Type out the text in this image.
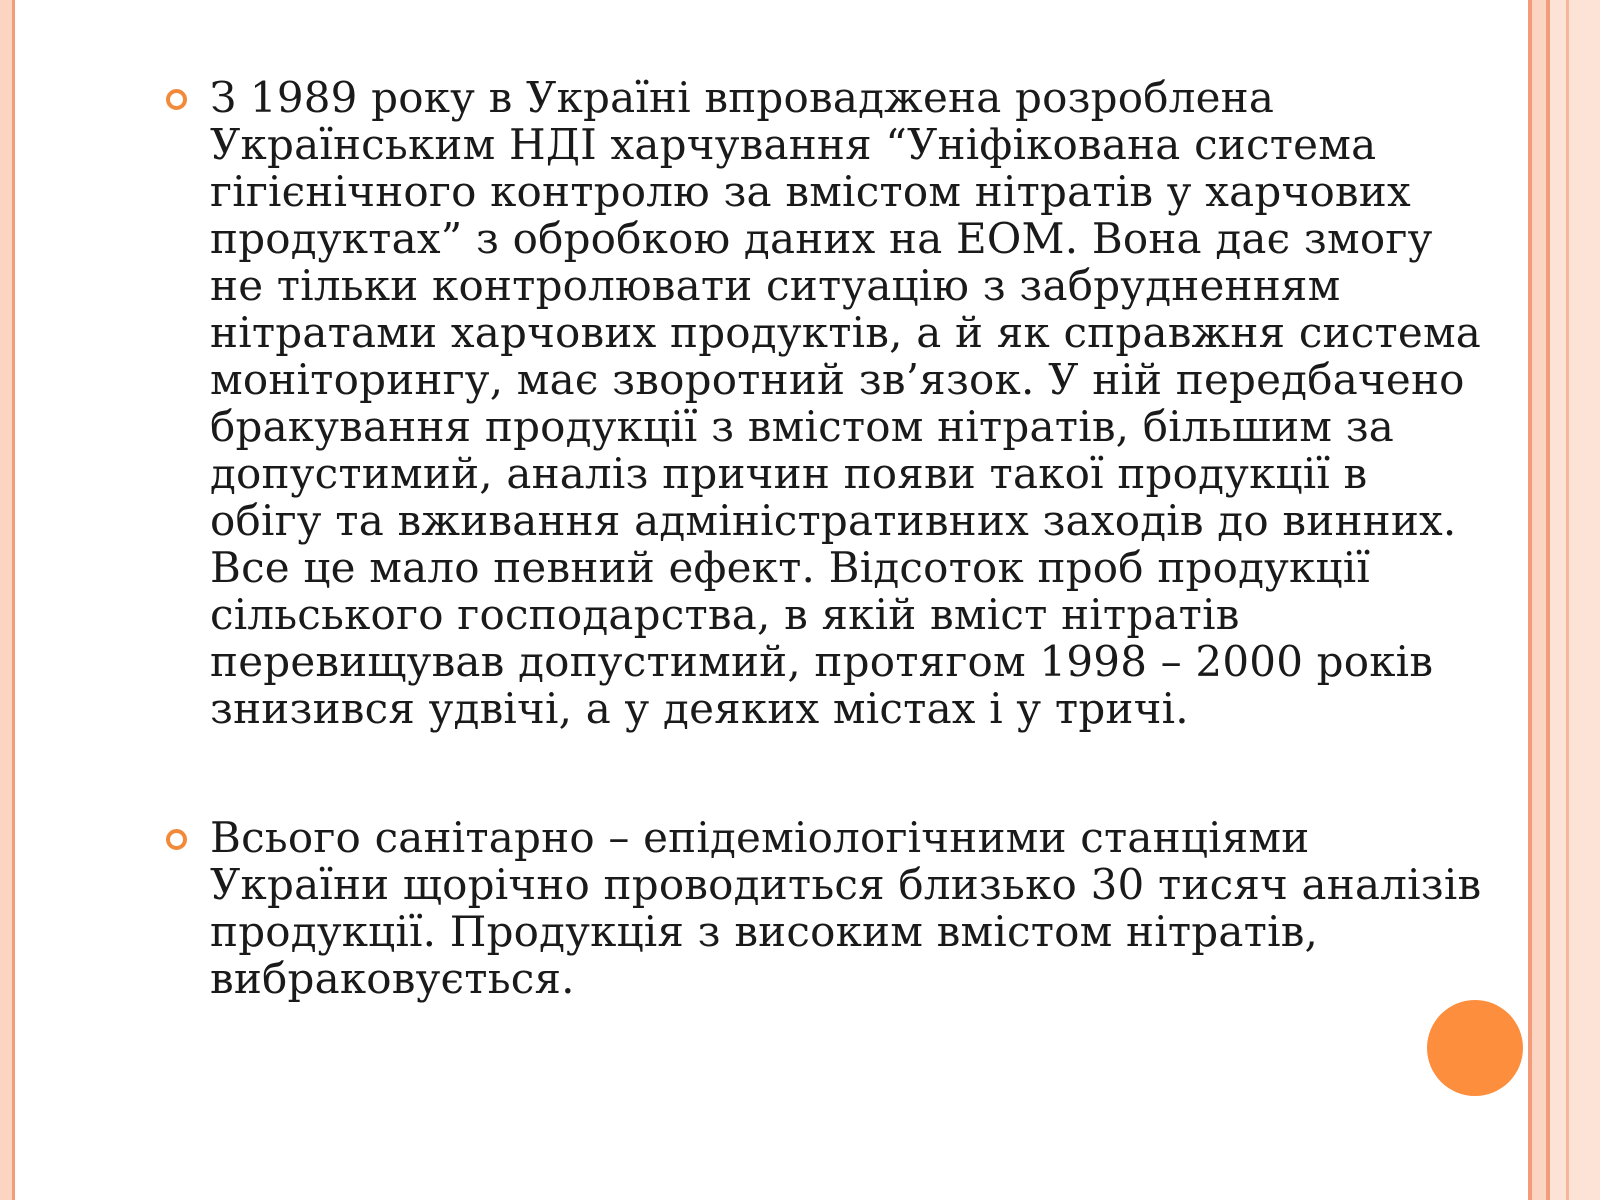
З 1989 року в Україні впроваджена розроблена Українським НДІ харчування “Уніфікована система гігієнічного контролю за вмістом нітратів у харчових продуктах” з обробкою даних на ЕОМ. Вона дає змогу не тільки контролювати ситуацію з забрудненням нітратами харчових продуктів, а й як справжня система моніторингу, має зворотний зв’язок. У ній передбачено бракування продукції з вмістом нітратів, більшим за допустимий, аналіз причин появи такої продукції в обігу та вживання адміністративних заходів до винних. Все це мало певний ефект. Відсоток проб продукції сільського господарства, в якій вміст нітратів перевищував допустимий, протягом 1998 – 2000 років знизився удвічі, а у деяких містах і у тричі.
Всього санітарно – епідеміологічними станціями України щорічно проводиться близько 30 тисяч аналізів продукції. Продукція з високим вмістом нітратів, вибраковується.
